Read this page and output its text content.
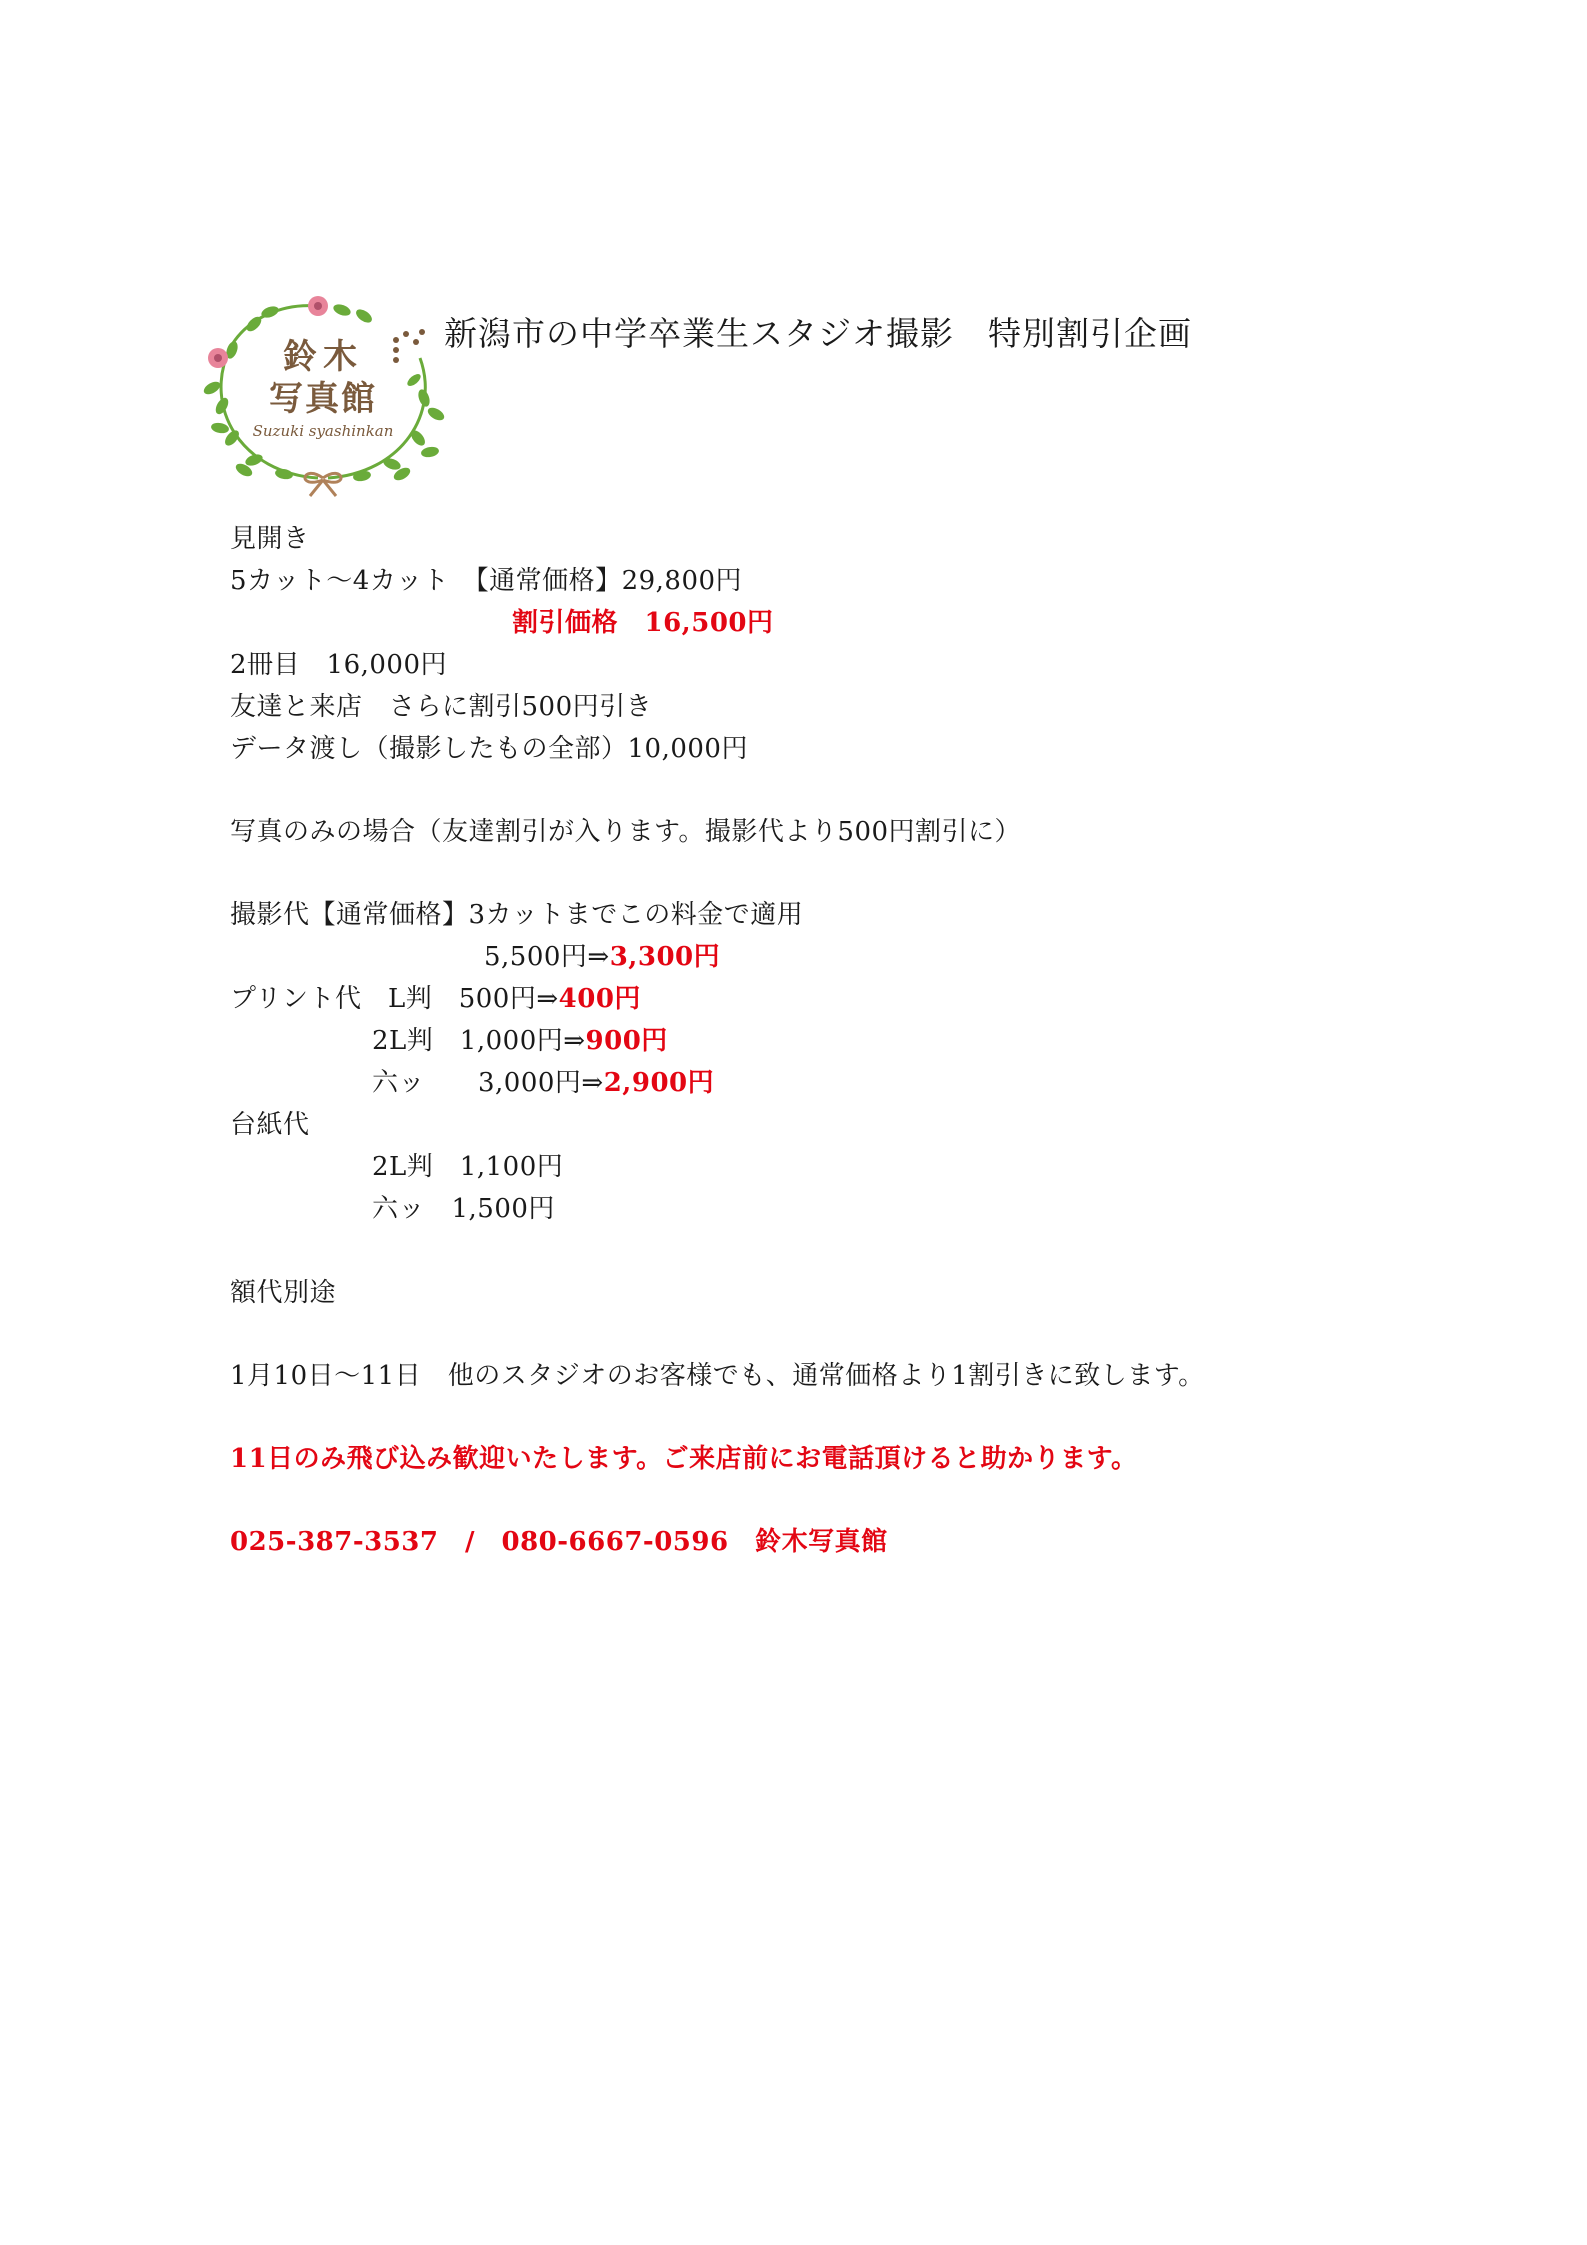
鈴木
写真館
Suzuki syashinkan
新潟市の中学卒業生スタジオ撮影　特別割引企画
見開き
5カット～4カット　【通常価格】29,800円
割引価格　16,500円
2冊目　16,000円
友達と来店　さらに割引500円引き
データ渡し（撮影したもの全部）10,000円
写真のみの場合（友達割引が入ります。撮影代より500円割引に）
撮影代【通常価格】3カットまでこの料金で適用
5,500円⇒3,300円
プリント代　L判　500円⇒400円
2L判　1,000円⇒900円
六ッ　　3,000円⇒2,900円
台紙代
2L判　1,100円
六ッ　1,500円
額代別途
1月10日～11日　他のスタジオのお客様でも、通常価格より1割引きに致します。
11日のみ飛び込み歓迎いたします。ご来店前にお電話頂けると助かります。
025-387-3537　/　080-6667-0596　鈴木写真館
